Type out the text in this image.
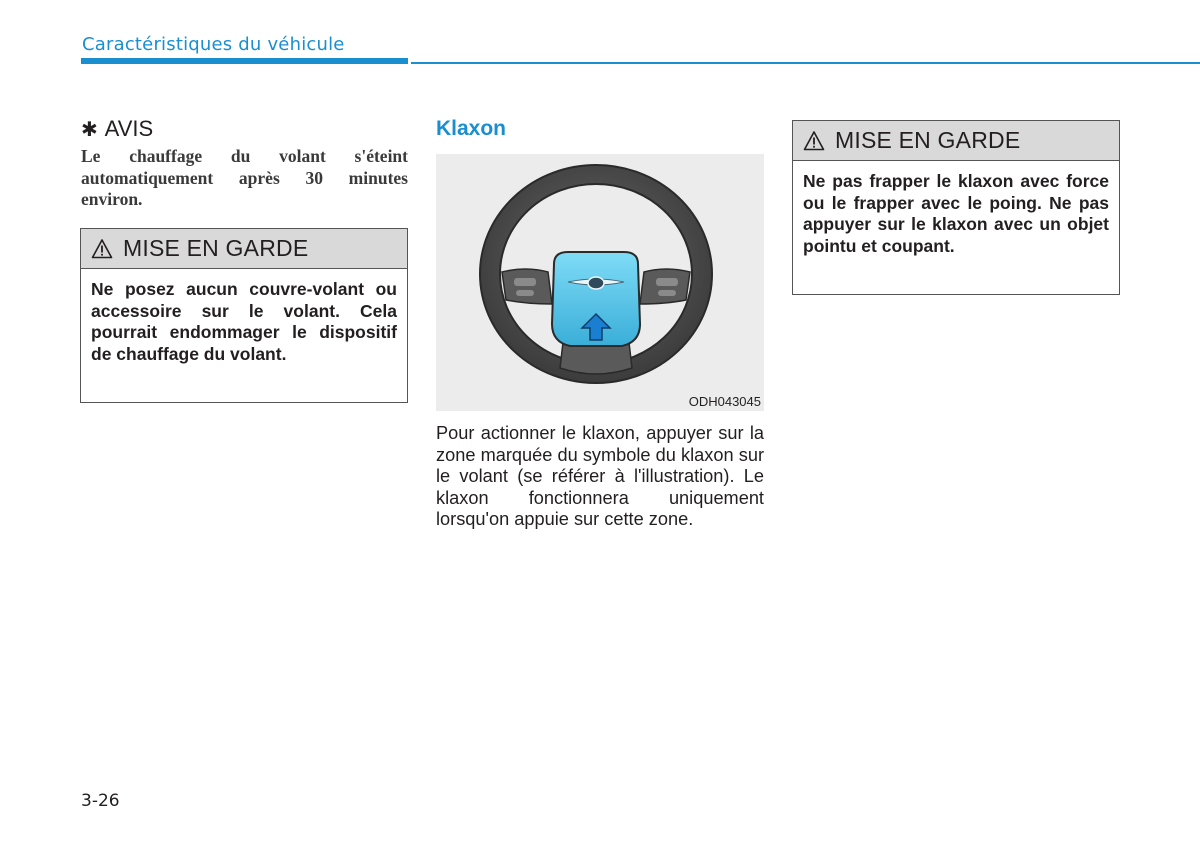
Caractéristiques du véhicule
✱ AVIS
Le chauffage du volant s'éteint automatiquement après 30 minutes environ.
MISE EN GARDE
Ne posez aucun couvre-volant ou accessoire sur le volant. Cela pourrait endommager le dispositif de chauffage du volant.
Klaxon
ODH043045
Pour actionner le klaxon, appuyer sur la zone marquée du symbole du klaxon sur le volant (se référer à l'illustration). Le klaxon fonctionnera uniquement lorsqu'on appuie sur cette zone.
MISE EN GARDE
Ne pas frapper le klaxon avec force ou le frapper avec le poing. Ne pas appuyer sur le klaxon avec un objet pointu et coupant.
3-26
